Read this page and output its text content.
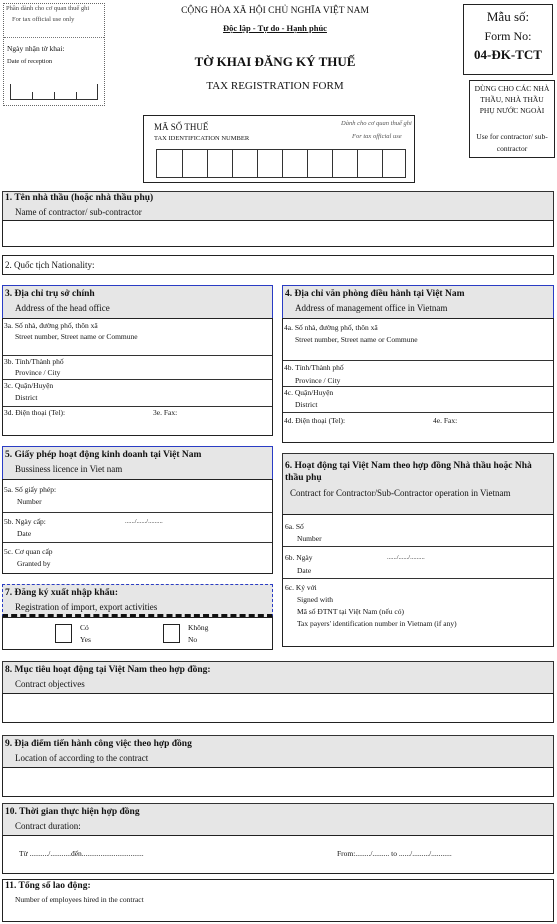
Phần dành cho cơ quan thuế ghi
For tax official use only
Ngày nhận tờ khai:
Date of reception
CỘNG HÒA XÃ HỘI CHỦ NGHĨA VIỆT NAM
Độc lập - Tự do - Hạnh phúc
TỜ KHAI ĐĂNG KÝ THUẾ
TAX REGISTRATION FORM
Mẫu số:
Form No:
04-ĐK-TCT
DÙNG CHO CÁC NHÀ THẦU, NHÀ THẦU PHỤ NƯỚC NGOÀI
Use for contractor/ sub-contractor
MÃ SỐ THUẾ
TAX IDENTIFICATION NUMBER
Dành cho cơ quan thuế ghi
For tax official use
1. Tên nhà thầu (hoặc nhà thầu phụ)
Name of contractor/ sub-contractor
2. Quốc tịch Nationality:
3. Địa chỉ trụ sở chính
Address of the head office
3a. Số nhà, đường phố, thôn xã
Street number, Street name or Commune
3b. Tỉnh/Thành phố
Province / City
3c. Quận/Huyện
District
3d. Điện thoại (Tel):	3e. Fax:
4. Địa chỉ văn phòng điều hành tại Việt Nam
Address of management office in Vietnam
4a. Số nhà, đường phố, thôn xã
Street number, Street name or Commune
4b. Tỉnh/Thành phố
Province / City
4c. Quận/Huyện
District
4d. Điện thoại (Tel):	4e. Fax:
5. Giấy phép hoạt động kinh doanh tại Việt Nam
Bussiness licence in Viet nam
5a. Số giấy phép:
Number
5b. Ngày cấp:	....../....../.........
Date
5c. Cơ quan cấp
Granted by
6. Hoạt động tại Việt Nam theo hợp đồng Nhà thầu hoặc Nhà thầu phụ
Contract for Contractor/Sub-Contractor operation in Vietnam
6a. Số
Number
6b. Ngày	....../....../.........
Date
6c. Ký với
Signed with
Mã số ĐTNT tại Việt Nam (nếu có)
Tax payers' identification number in Vietnam (if any)
7. Đăng ký xuất nhập khẩu:
Registration of import, export activities
Có
Yes
Không
No
8. Mục tiêu hoạt động tại Việt Nam theo hợp đồng:
Contract objectives
9. Địa điểm tiến hành công việc theo hợp đồng
Location of according to the contract
10. Thời gian thực hiện hợp đồng
Contract duration:
Từ ........../...........đến.................................	From:......../......... to ....../........./...........
11. Tổng số lao động:
Number of employees hired in the contract
